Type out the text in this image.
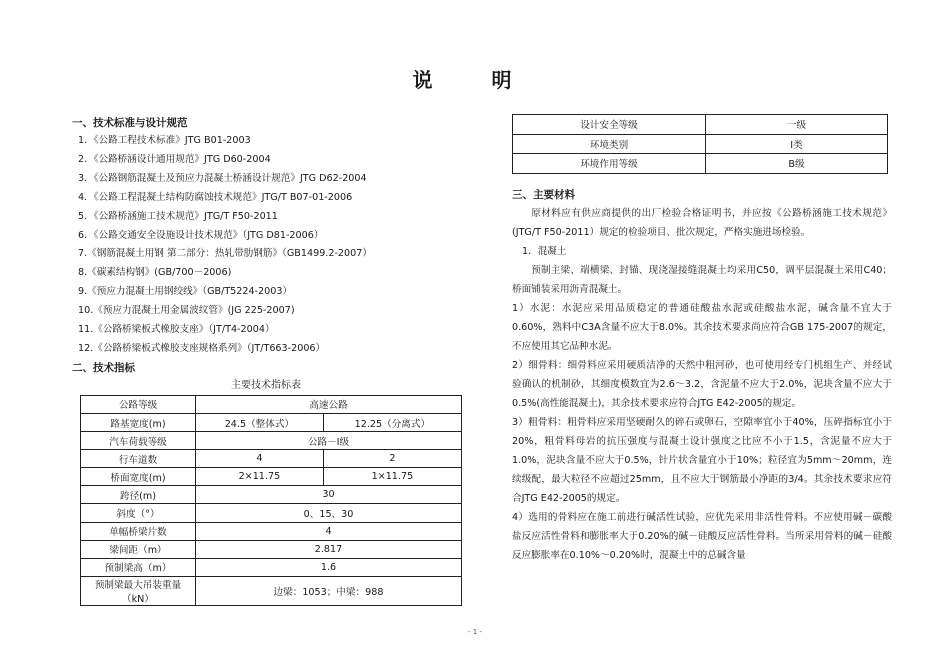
说 明

一、技术标准与设计规范

1．《公路工程技术标准》JTG B01-2003
2．《公路桥涵设计通用规范》JTG D60-2004
3．《公路钢筋混凝土及预应力混凝土桥涵设计规范》JTG D62-2004
4．《公路工程混凝土结构防腐蚀技术规范》JTG/T B07-01-2006
5．《公路桥涵施工技术规范》JTG/T F50-2011
6．《公路交通安全设施设计技术规范》（JTG D81-2006）
7.《钢筋混凝土用钢 第二部分：热轧带肋钢筋》（GB1499.2-2007）
8.《碳素结构钢》(GB/700－2006)
9.《预应力混凝土用钢绞线》（GB/T5224-2003）
10.《预应力混凝土用金属波纹管》(JG 225-2007)
11.《公路桥梁板式橡胶支座》（JT/T4-2004）
12.《公路桥梁板式橡胶支座规格系列》（JT/T663-2006）

二、技术指标

主要技术指标表
公路等级	高速公路	
路基宽度(m)	24.5（整体式）	12.25（分离式）
汽车荷载等级	公路－Ⅰ级	
行车道数	4	2
桥面宽度(m)	2×11.75	1×11.75
跨径(m)	30	
斜度（°）	0、15、30	
单幅桥梁片数	4	
梁间距（m）	2.817	
预制梁高（m）	1.6	
预制梁最大吊装重量（kN）	边梁：1053；中梁：988	
设计安全等级	一级
环境类别	Ⅰ类
环境作用等级	B级

三、主要材料

原材料应有供应商提供的出厂检验合格证明书，并应按《公路桥涵施工技术规范》(JTG/T F50-2011）规定的检验项目、批次规定，严格实施进场检验。

1．混凝土

预制主梁、端横梁、封锚、现浇湿接缝混凝土均采用C50，调平层混凝土采用C40；桥面铺装采用沥青混凝土。

1）水泥：水泥应采用品质稳定的普通硅酸盐水泥或硅酸盐水泥，碱含量不宜大于0.60%，熟料中C3A含量不应大于8.0%。其余技术要求尚应符合GB 175-2007的规定，不应使用其它品种水泥。

2）细骨料：细骨料应采用硬质洁净的天然中粗河砂，也可使用经专门机组生产、并经试验确认的机制砂，其细度模数宜为2.6～3.2，含泥量不应大于2.0%，泥块含量不应大于0.5%(高性能混凝土)，其余技术要求应符合JTG E42-2005的规定。

3）粗骨料：粗骨料应采用坚硬耐久的碎石或卵石，空隙率宜小于40%，压碎指标宜小于20%，粗骨料母岩的抗压强度与混凝土设计强度之比应不小于1.5，含泥量不应大于1.0%，泥块含量不应大于0.5%，针片状含量宜小于10%；粒径宜为5mm～20mm，连续级配，最大粒径不应超过25mm，且不应大于钢筋最小净距的3/4。其余技术要求应符合JTG E42-2005的规定。

4）选用的骨料应在施工前进行碱活性试验，应优先采用非活性骨料。不应使用碱－碳酸盐反应活性骨料和膨胀率大于0.20%的碱－硅酸反应活性骨料。当所采用骨料的碱－硅酸反应膨胀率在0.10%～0.20%时，混凝土中的总碱含量

- 1 -
